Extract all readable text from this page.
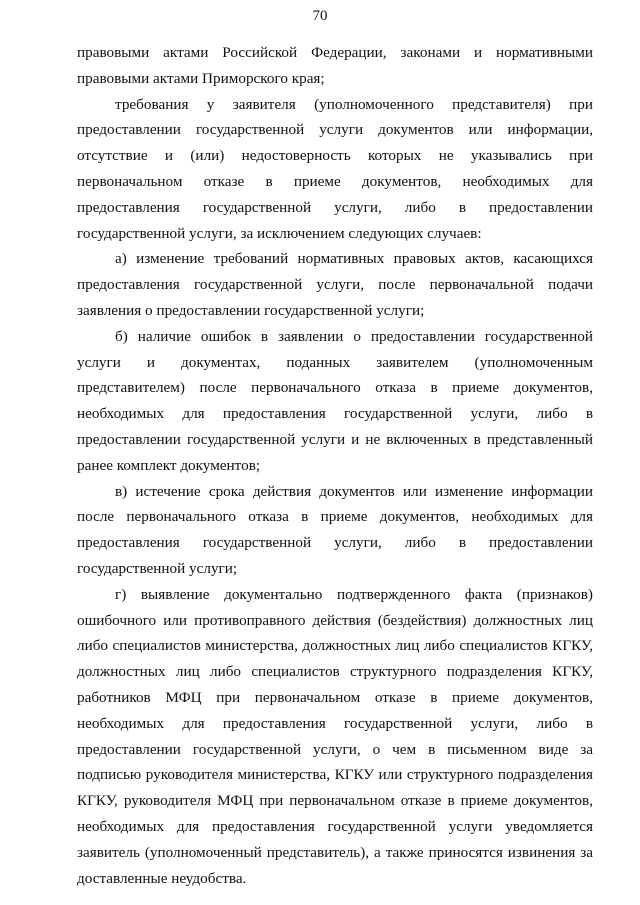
70

правовыми актами Российской Федерации, законами и нормативными правовыми актами Приморского края;

требования у заявителя (уполномоченного представителя) при предоставлении государственной услуги документов или информации, отсутствие и (или) недостоверность которых не указывались при первоначальном отказе в приеме документов, необходимых для предоставления государственной услуги, либо в предоставлении государственной услуги, за исключением следующих случаев:

а) изменение требований нормативных правовых актов, касающихся предоставления государственной услуги, после первоначальной подачи заявления о предоставлении государственной услуги;

б) наличие ошибок в заявлении о предоставлении государственной услуги и документах, поданных заявителем (уполномоченным представителем) после первоначального отказа в приеме документов, необходимых для предоставления государственной услуги, либо в предоставлении государственной услуги и не включенных в представленный ранее комплект документов;

в) истечение срока действия документов или изменение информации после первоначального отказа в приеме документов, необходимых для предоставления государственной услуги, либо в предоставлении государственной услуги;

г) выявление документально подтвержденного факта (признаков) ошибочного или противоправного действия (бездействия) должностных лиц либо специалистов министерства, должностных лиц либо специалистов КГКУ, должностных лиц либо специалистов структурного подразделения КГКУ, работников МФЦ при первоначальном отказе в приеме документов, необходимых для предоставления государственной услуги, либо в предоставлении государственной услуги, о чем в письменном виде за подписью руководителя министерства, КГКУ или структурного подразделения КГКУ, руководителя МФЦ при первоначальном отказе в приеме документов, необходимых для предоставления государственной услуги уведомляется заявитель (уполномоченный представитель), а также приносятся извинения за доставленные неудобства.
